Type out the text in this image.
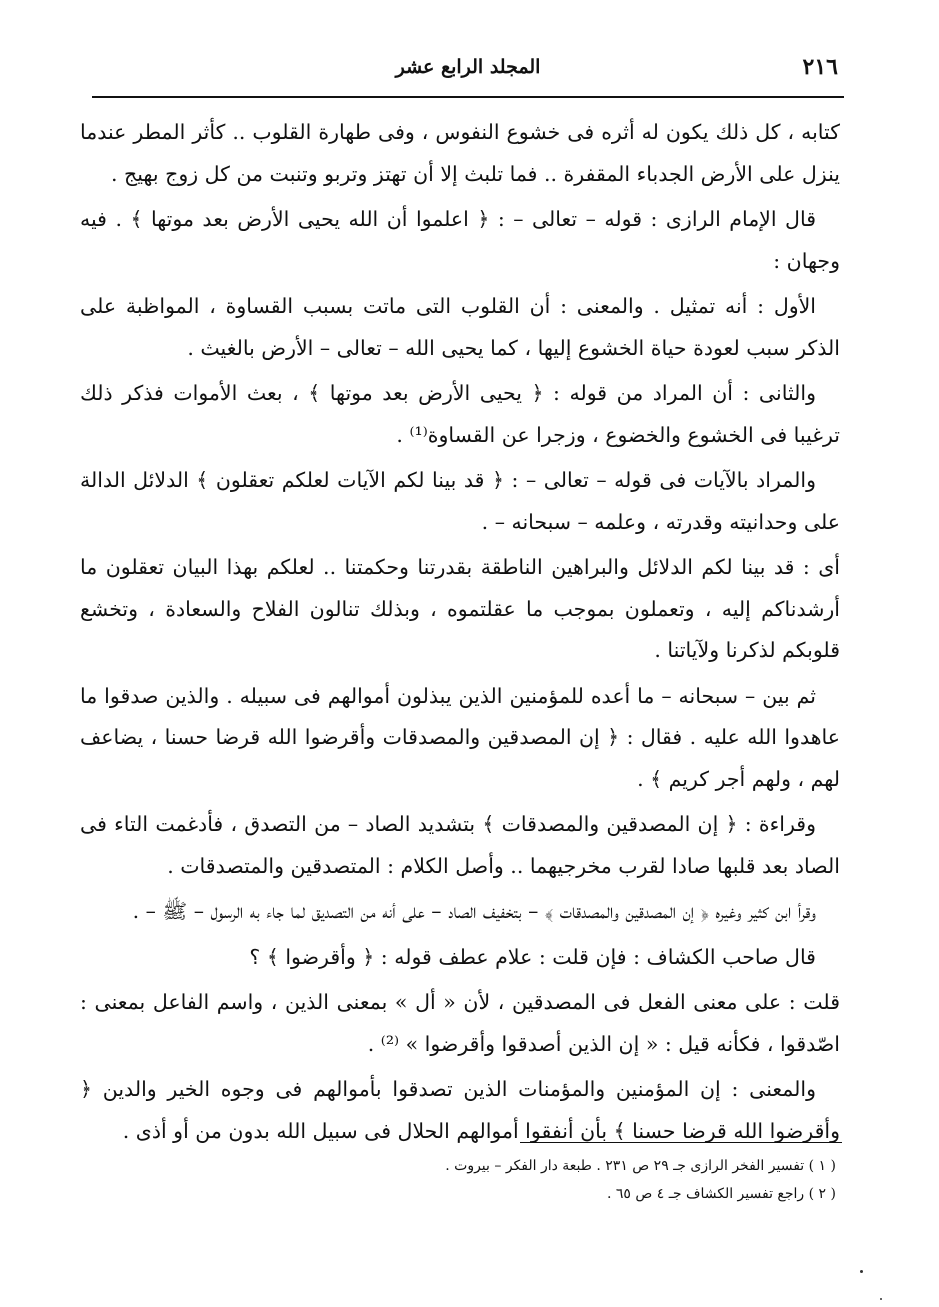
٢١٦
المجلد الرابع عشر

كتابه ، كل ذلك يكون له أثره فى خشوع النفوس ، وفى طهارة القلوب .. كأثر المطر عندما ينزل على الأرض الجدباء المقفرة .. فما تلبث إلا أن تهتز وتربو وتنبت من كل زوج بهيج .

قال الإمام الرازى : قوله – تعالى – : ﴿ اعلموا أن الله يحيى الأرض بعد موتها ﴾ . فيه وجهان :

الأول : أنه تمثيل . والمعنى : أن القلوب التى ماتت بسبب القساوة ، المواظبة على الذكر سبب لعودة حياة الخشوع إليها ، كما يحيى الله – تعالى – الأرض بالغيث .

والثانى : أن المراد من قوله : ﴿ يحيى الأرض بعد موتها ﴾ ، بعث الأموات فذكر ذلك ترغيبا فى الخشوع والخضوع ، وزجرا عن القساوة⁽¹⁾ .

والمراد بالآيات فى قوله – تعالى – : ﴿ قد بينا لكم الآيات لعلكم تعقلون ﴾ الدلائل الدالة على وحدانيته وقدرته ، وعلمه – سبحانه – .

أى : قد بينا لكم الدلائل والبراهين الناطقة بقدرتنا وحكمتنا .. لعلكم بهذا البيان تعقلون ما أرشدناكم إليه ، وتعملون بموجب ما عقلتموه ، وبذلك تنالون الفلاح والسعادة ، وتخشع قلوبكم لذكرنا ولآياتنا .

ثم بين – سبحانه – ما أعده للمؤمنين الذين يبذلون أموالهم فى سبيله . والذين صدقوا ما عاهدوا الله عليه . فقال : ﴿ إن المصدقين والمصدقات وأقرضوا الله قرضا حسنا ، يضاعف لهم ، ولهم أجر كريم ﴾ .

وقراءة : ﴿ إن المصدقين والمصدقات ﴾ بتشديد الصاد – من التصدق ، فأدغمت التاء فى الصاد بعد قلبها صادا لقرب مخرجيهما .. وأصل الكلام : المتصدقين والمتصدقات .

وقرأ ابن كثير وغيره ﴿ إن المصدقين والمصدقات ﴾ – بتخفيف الصاد – على أنه من التصديق لما جاء به الرسول – ﷺ – .

قال صاحب الكشاف : فإن قلت : علام عطف قوله : ﴿ وأقرضوا ﴾ ؟

قلت : على معنى الفعل فى المصدقين ، لأن « أل » بمعنى الذين ، واسم الفاعل بمعنى : اصّدقوا ، فكأنه قيل : « إن الذين أصدقوا وأقرضوا » ⁽²⁾ .

والمعنى : إن المؤمنين والمؤمنات الذين تصدقوا بأموالهم فى وجوه الخير والدين ﴿ وأقرضوا الله قرضا حسنا ﴾ بأن أنفقوا أموالهم الحلال فى سبيل الله بدون من أو أذى .

( ١ ) تفسير الفخر الرازى جـ ٢٩ ص ٢٣١ . طبعة دار الفكر – بيروت .
( ٢ ) راجع تفسير الكشاف جـ ٤ ص ٦٥ .
